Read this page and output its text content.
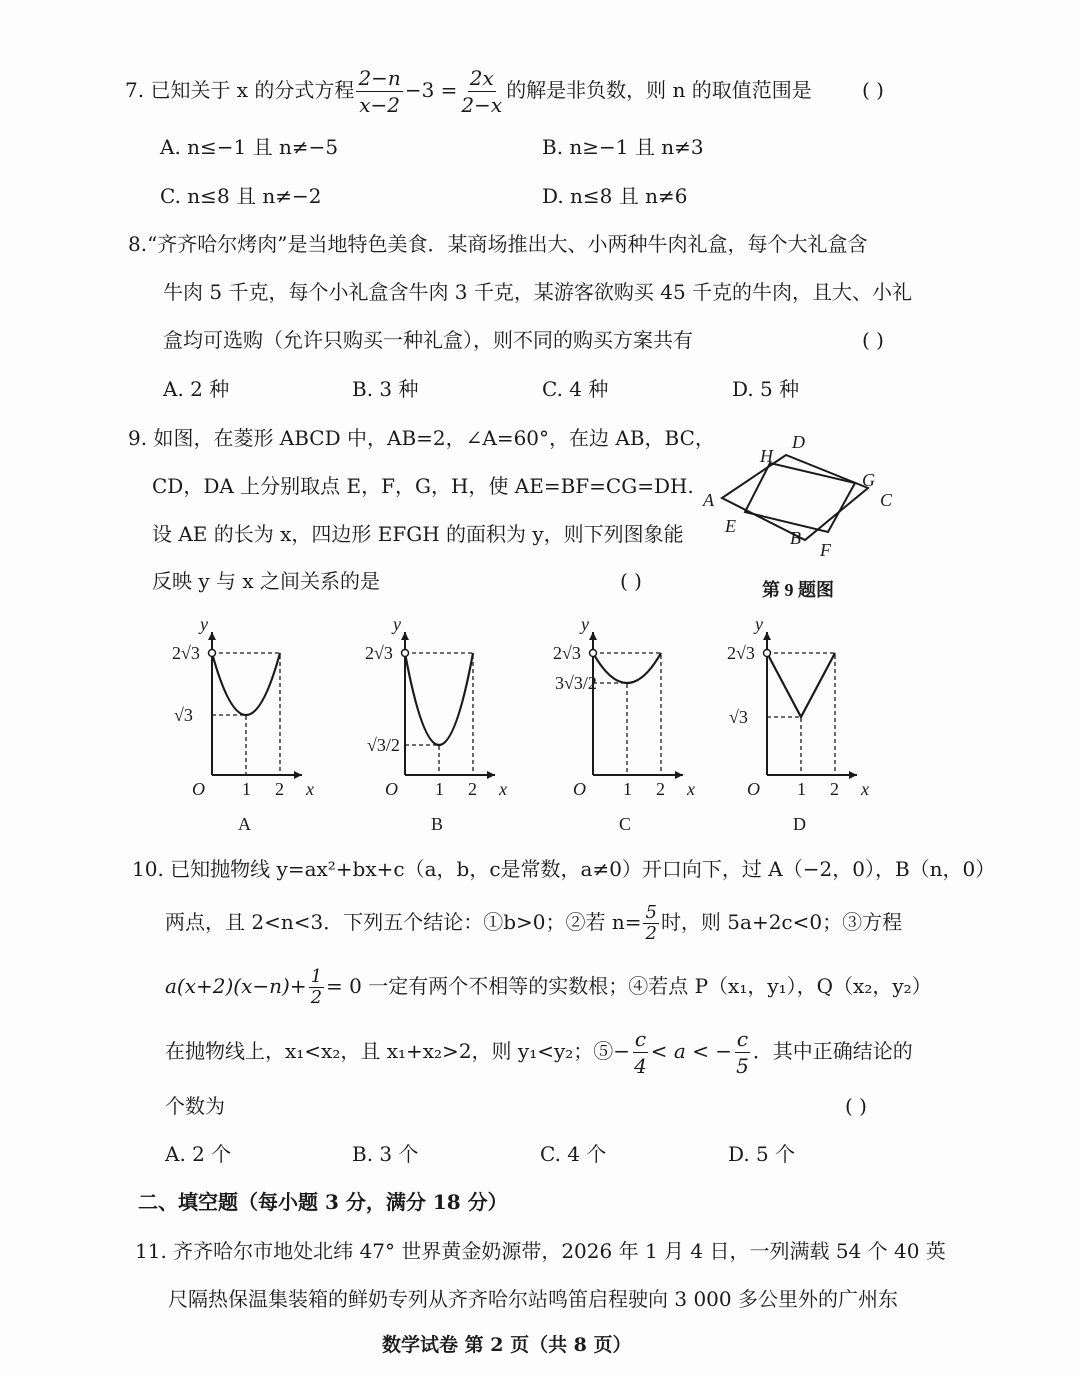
7. 已知关于 x 的分式方程 $\frac{2-n}{x-2} -3 = \frac{2x}{2-x}$ 的解是非负数，则 n 的取值范围是	( )
A. n≤−1 且 n≠−5	B. n≥−1 且 n≠3
C. n≤8 且 n≠−2	D. n≤8 且 n≠6
8.“齐齐哈尔烤肉”是当地特色美食．某商场推出大、小两种牛肉礼盒，每个大礼盒含
牛肉 5 千克，每个小礼盒含牛肉 3 千克，某游客欲购买 45 千克的牛肉，且大、小礼
盒均可选购（允许只购买一种礼盒），则不同的购买方案共有	( )
A. 2 种	B. 3 种	C. 4 种	D. 5 种
9. 如图，在菱形 ABCD 中，AB=2，∠A=60°，在边 AB，BC，
CD，DA 上分别取点 E，F，G，H，使 AE=BF=CG=DH.
设 AE 的长为 x，四边形 EFGH 的面积为 y，则下列图象能
反映 y 与 x 之间关系的是	( )
A
B
C
D
E
F
G
H
第 9 题图
y
x
O 1 2
2√3
√3
A
y
x
O 1 2
2√3
√3/2
B
y
x
O 1 2
2√3
3√3/2
C
y
x
O 1 2
2√3
√3
D
10. 已知抛物线 y=ax²+bx+c（a，b，c是常数，a≠0）开口向下，过 A（−2，0），B（n，0）
两点，且 2<n<3．下列五个结论：①b>0；②若 $n= \frac{5}{2}$ 时，则 5a+2c<0；③方程
$a(x+2)(x-n)+ \frac{1}{2} = 0$ 一定有两个不相等的实数根；④若点 P（x₁，y₁），Q（x₂，y₂）
在抛物线上，x₁<x₂，且 x₁+x₂>2，则 y₁<y₂；⑤− $\frac{c}{4} < a$ < − $\frac{c}{5}$ ．其中正确结论的
个数为	( )
A. 2 个	B. 3 个	C. 4 个	D. 5 个
二、填空题（每小题 3 分，满分 18 分）
11. 齐齐哈尔市地处北纬 47° 世界黄金奶源带，2026 年 1 月 4 日，一列满载 54 个 40 英
尺隔热保温集装箱的鲜奶专列从齐齐哈尔站鸣笛启程驶向 3 000 多公里外的广州东
数学试卷 第 2 页（共 8 页）
